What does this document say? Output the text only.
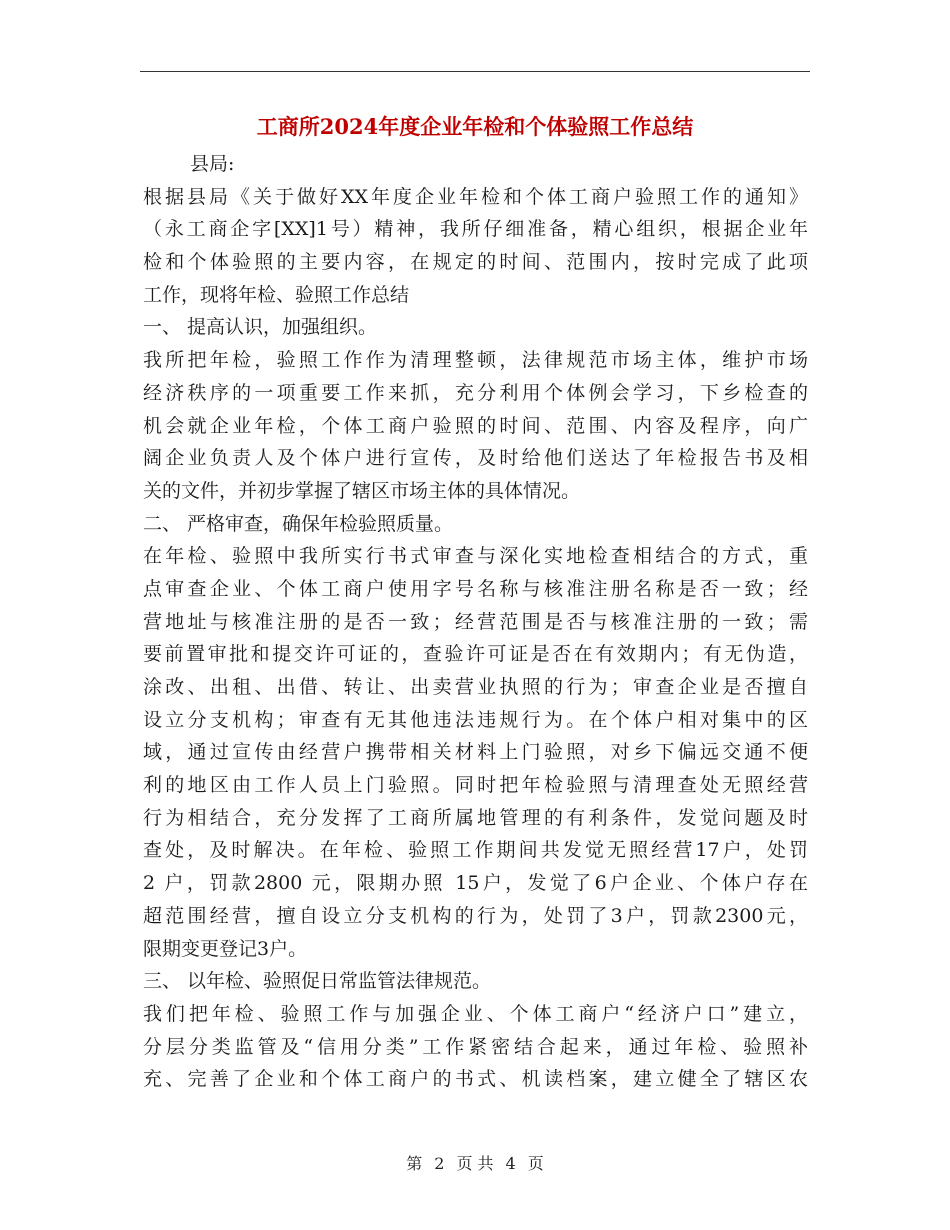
工商所2024年度企业年检和个体验照工作总结
县局:
根据县局《关于做好XX年度企业年检和个体工商户验照工作的通知》
（永工商企字[XX]1号）精神，我所仔细准备，精心组织，根据企业年
检和个体验照的主要内容，在规定的时间、范围内，按时完成了此项
工作，现将年检、验照工作总结
一、 提高认识，加强组织。
我所把年检，验照工作作为清理整顿，法律规范市场主体，维护市场
经济秩序的一项重要工作来抓，充分利用个体例会学习，下乡检查的
机会就企业年检，个体工商户验照的时间、范围、内容及程序，向广
阔企业负责人及个体户进行宣传，及时给他们送达了年检报告书及相
关的文件，并初步掌握了辖区市场主体的具体情况。
二、 严格审查，确保年检验照质量。
在年检、验照中我所实行书式审查与深化实地检查相结合的方式，重
点审查企业、个体工商户使用字号名称与核准注册名称是否一致；经
营地址与核准注册的是否一致；经营范围是否与核准注册的一致；需
要前置审批和提交许可证的，查验许可证是否在有效期内；有无伪造，
涂改、出租、出借、转让、出卖营业执照的行为；审查企业是否擅自
设立分支机构；审查有无其他违法违规行为。在个体户相对集中的区
域，通过宣传由经营户携带相关材料上门验照，对乡下偏远交通不便
利的地区由工作人员上门验照。同时把年检验照与清理查处无照经营
行为相结合，充分发挥了工商所属地管理的有利条件，发觉问题及时
查处，及时解决。在年检、验照工作期间共发觉无照经营17户，处罚
2 户，罚款2800 元，限期办照 15户，发觉了6户企业、个体户存在
超范围经营，擅自设立分支机构的行为，处罚了3户，罚款2300元，
限期变更登记3户。
三、 以年检、验照促日常监管法律规范。
我们把年检、验照工作与加强企业、个体工商户“经济户口”建立，
分层分类监管及“信用分类”工作紧密结合起来，通过年检、验照补
充、完善了企业和个体工商户的书式、机读档案，建立健全了辖区农
第 2 页 共 4 页
